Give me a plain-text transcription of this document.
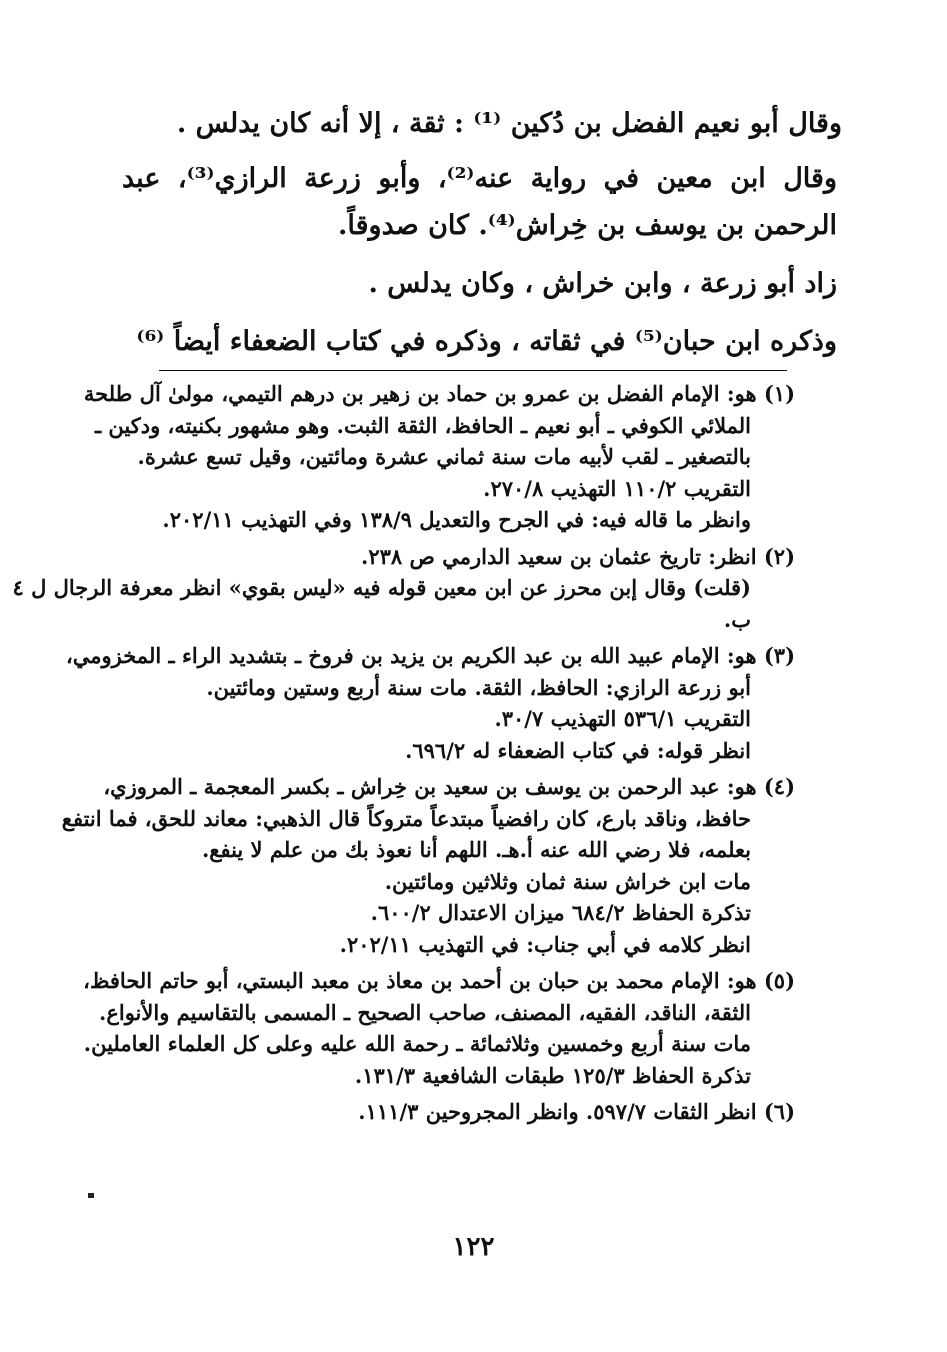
وقال أبو نعيم الفضل بن دُكين ⁽¹⁾ : ثقة ، إلا أنه كان يدلس .

وقال ابن معين في رواية عنه⁽²⁾، وأبو زرعة الرازي⁽³⁾، عبد الرحمن بن يوسف بن خِراش⁽⁴⁾. كان صدوقاً.

زاد أبو زرعة ، وابن خراش ، وكان يدلس .

وذكره ابن حبان⁽⁵⁾ في ثقاته ، وذكره في كتاب الضعفاء أيضاً ⁽⁶⁾

(١) هو: الإمام الفضل بن عمرو بن حماد بن زهير بن درهم التيمي، مولىٰ آل طلحة
الملائي الكوفي ـ أبو نعيم ـ الحافظ، الثقة الثبت. وهو مشهور بكنيته، ودكين ـ
بالتصغير ـ لقب لأبيه مات سنة ثماني عشرة ومائتين، وقيل تسع عشرة.
التقريب ١١٠/٢ التهذيب ٢٧٠/٨.
وانظر ما قاله فيه: في الجرح والتعديل ١٣٨/٩ وفي التهذيب ٢٠٢/١١.
(٢) انظر: تاريخ عثمان بن سعيد الدارمي ص ٢٣٨.
(قلت) وقال إبن محرز عن ابن معين قوله فيه «ليس بقوي» انظر معرفة الرجال ل ٤
ب.
(٣) هو: الإمام عبيد الله بن عبد الكريم بن يزيد بن فروخ ـ بتشديد الراء ـ المخزومي،
أبو زرعة الرازي: الحافظ، الثقة. مات سنة أربع وستين ومائتين.
التقريب ٥٣٦/١ التهذيب ٣٠/٧.
انظر قوله: في كتاب الضعفاء له ٦٩٦/٢.
(٤) هو: عبد الرحمن بن يوسف بن سعيد بن خِراش ـ بكسر المعجمة ـ المروزي،
حافظ، وناقد بارع، كان رافضياً مبتدعاً متروكاً قال الذهبي: معاند للحق، فما انتفع
بعلمه، فلا رضي الله عنه أ.هـ. اللهم أنا نعوذ بك من علم لا ينفع.
مات ابن خراش سنة ثمان وثلاثين ومائتين.
تذكرة الحفاظ ٦٨٤/٢ ميزان الاعتدال ٦٠٠/٢.
انظر كلامه في أبي جناب: في التهذيب ٢٠٢/١١.
(٥) هو: الإمام محمد بن حبان بن أحمد بن معاذ بن معبد البستي، أبو حاتم الحافظ،
الثقة، الناقد، الفقيه، المصنف، صاحب الصحيح ـ المسمى بالتقاسيم والأنواع.
مات سنة أربع وخمسين وثلاثمائة ـ رحمة الله عليه وعلى كل العلماء العاملين.
تذكرة الحفاظ ١٢٥/٣ طبقات الشافعية ١٣١/٣.
(٦) انظر الثقات ٥٩٧/٧. وانظر المجروحين ١١١/٣.
١٢٢
